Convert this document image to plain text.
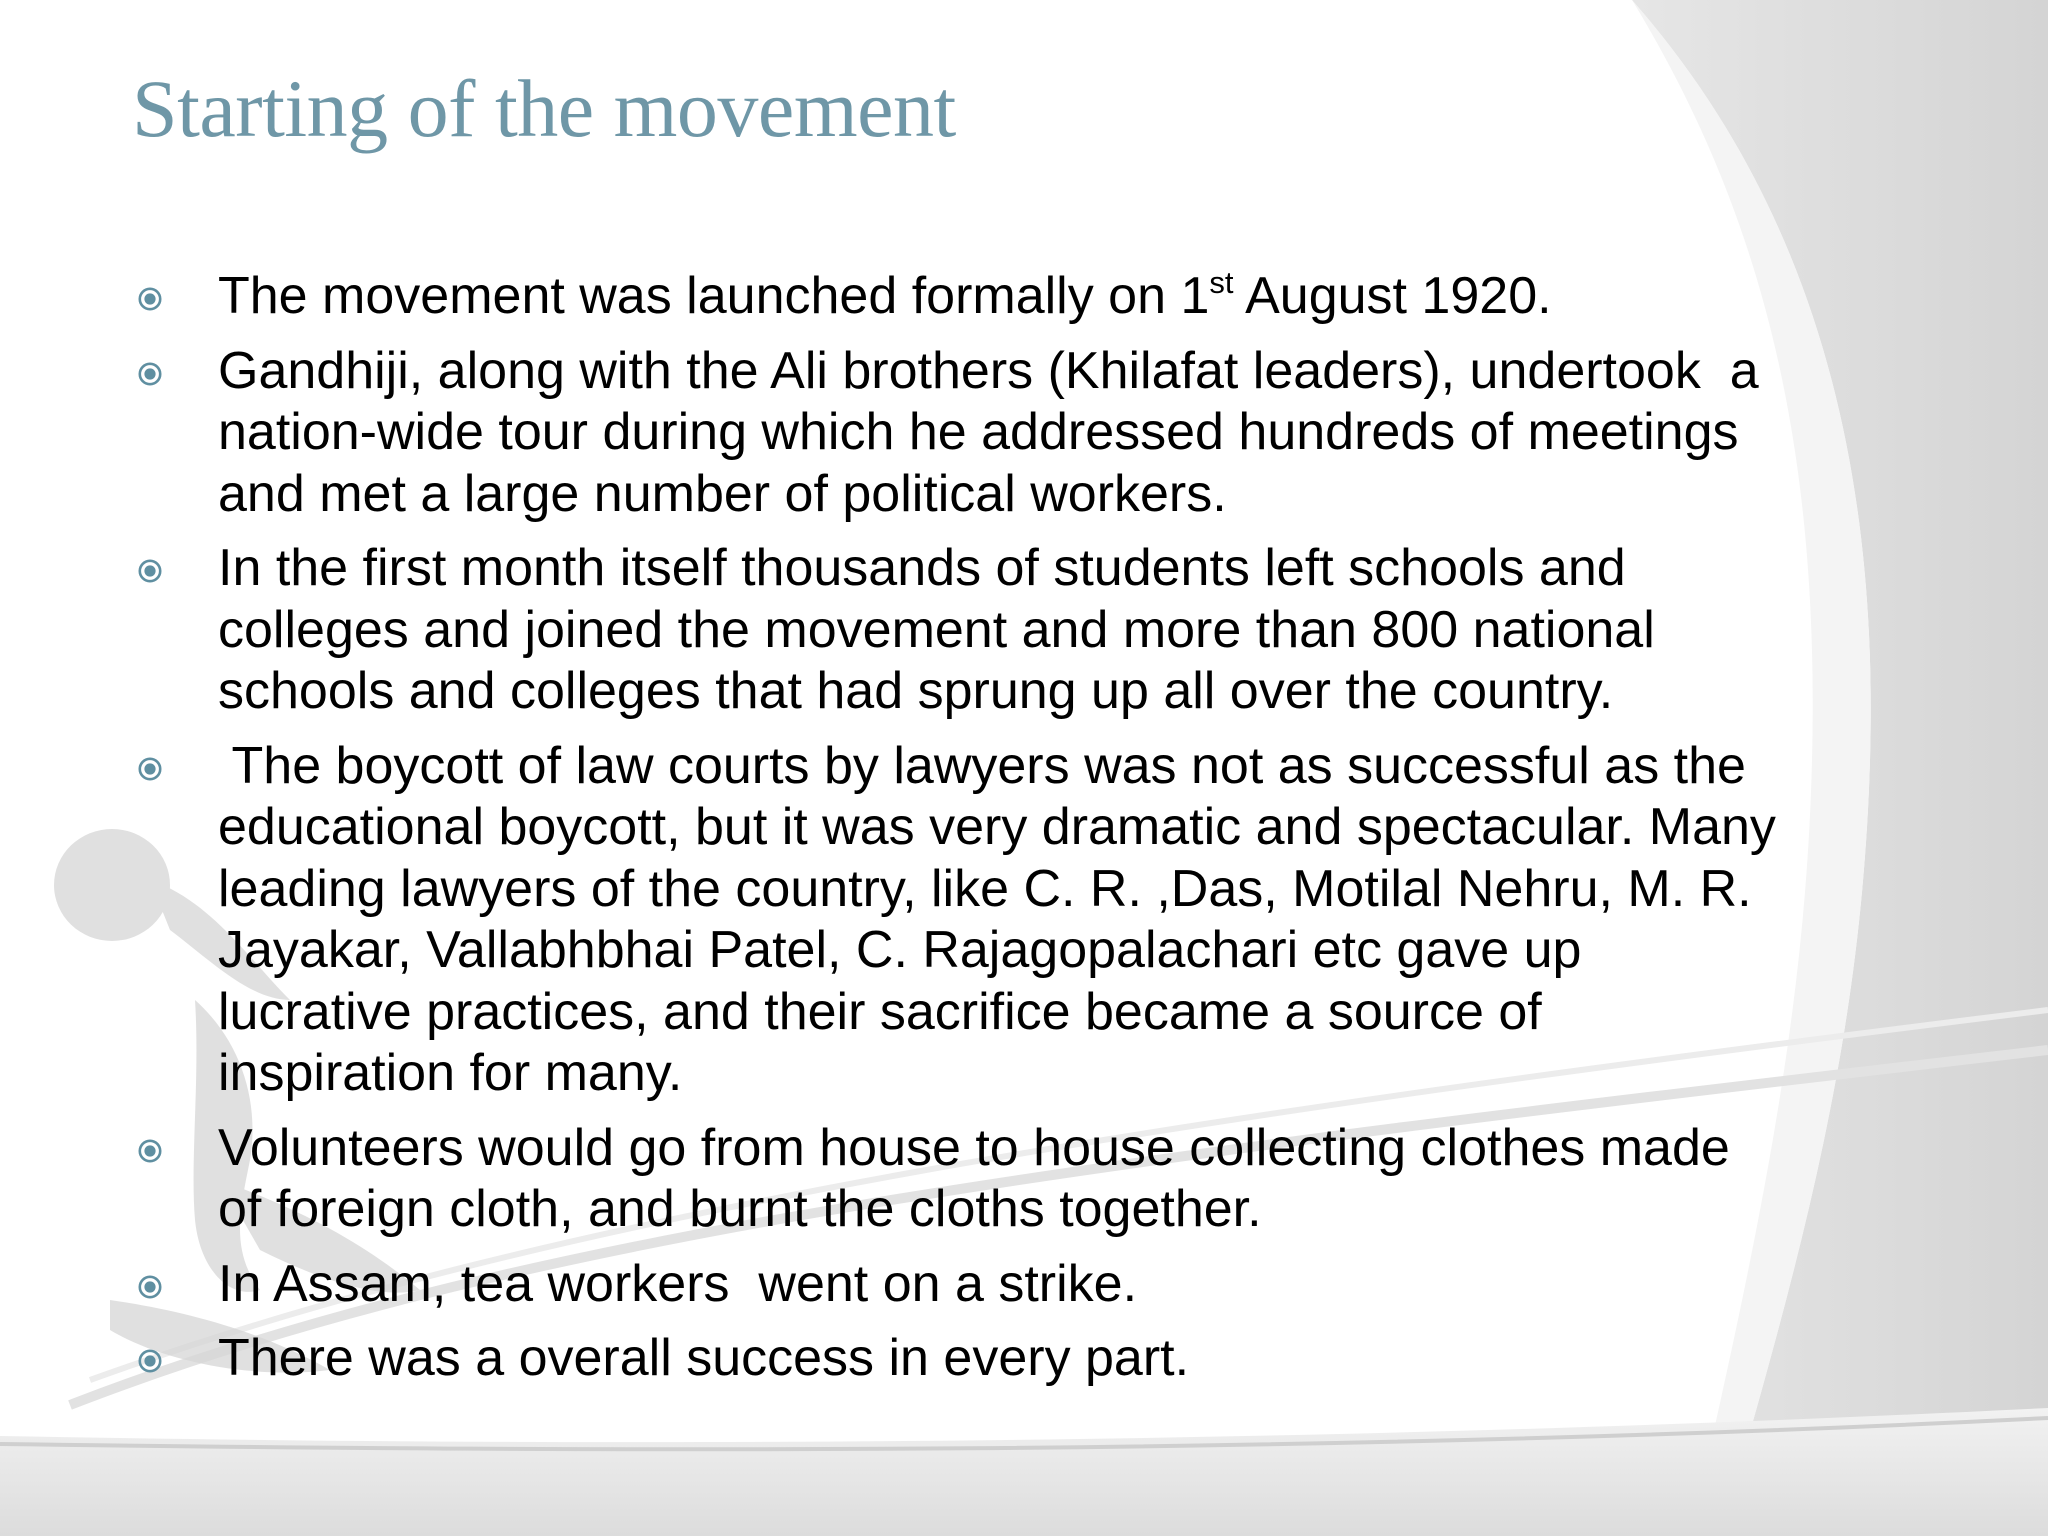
Starting of the movement
The movement was launched formally on 1st August 1920.
Gandhiji, along with the Ali brothers (Khilafat leaders), undertook  a
nation-wide tour during which he addressed hundreds of meetings
and met a large number of political workers.
In the first month itself thousands of students left schools and
colleges and joined the movement and more than 800 national
schools and colleges that had sprung up all over the country.
The boycott of law courts by lawyers was not as successful as the
educational boycott, but it was very dramatic and spectacular. Many
leading lawyers of the country, like C. R. ,Das, Motilal Nehru, M. R.
Jayakar, Vallabhbhai Patel, C. Rajagopalachari etc gave up
lucrative practices, and their sacrifice became a source of
inspiration for many.
Volunteers would go from house to house collecting clothes made
of foreign cloth, and burnt the cloths together.
In Assam, tea workers  went on a strike.
There was a overall success in every part.
